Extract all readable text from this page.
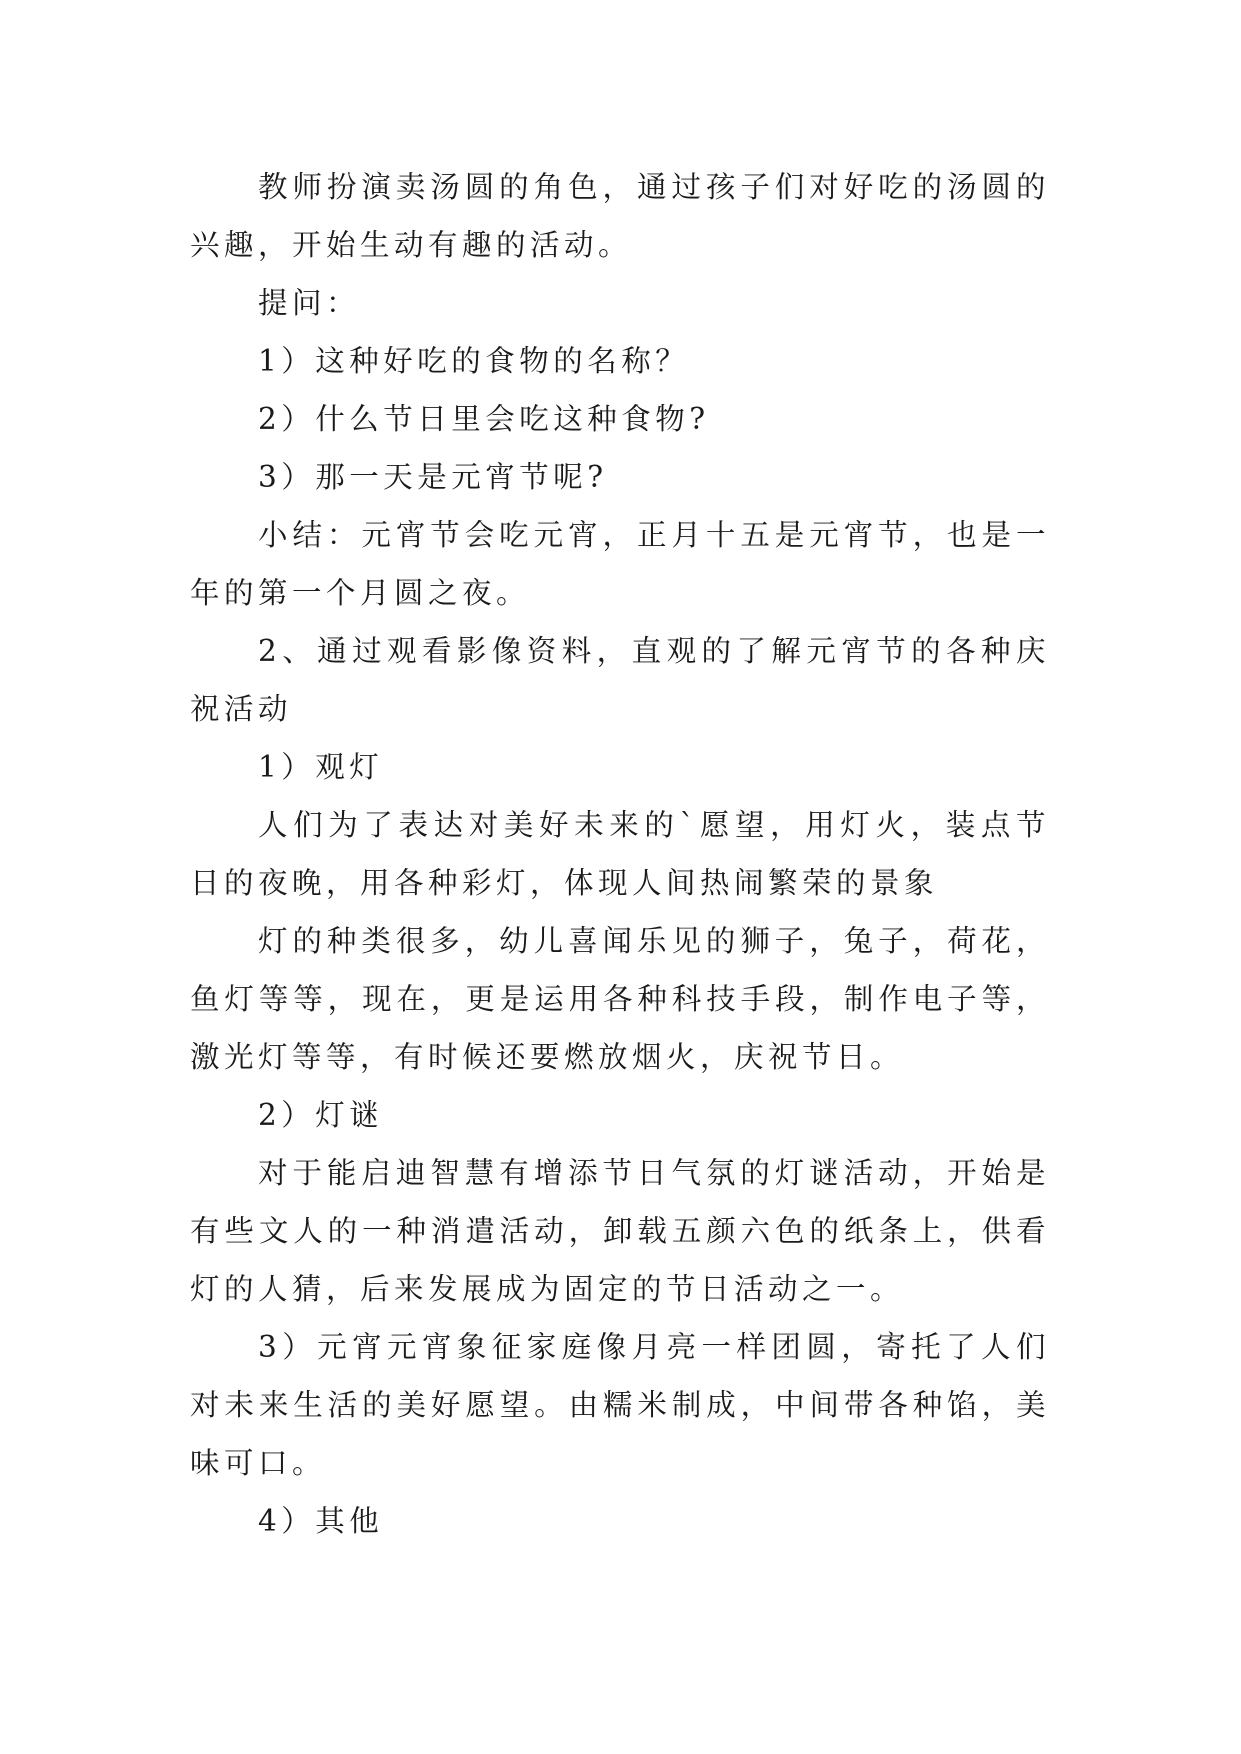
教师扮演卖汤圆的角色，通过孩子们对好吃的汤圆的兴趣，开始生动有趣的活动。

提问：

1）这种好吃的食物的名称？

2）什么节日里会吃这种食物?

3）那一天是元宵节呢?

小结：元宵节会吃元宵，正月十五是元宵节，也是一年的第一个月圆之夜。

2、通过观看影像资料，直观的了解元宵节的各种庆祝活动

1）观灯

人们为了表达对美好未来的`愿望，用灯火，装点节日的夜晚，用各种彩灯，体现人间热闹繁荣的景象

灯的种类很多，幼儿喜闻乐见的狮子，兔子，荷花，鱼灯等等，现在，更是运用各种科技手段，制作电子等，激光灯等等，有时候还要燃放烟火，庆祝节日。

2）灯谜

对于能启迪智慧有增添节日气氛的灯谜活动，开始是有些文人的一种消遣活动，卸载五颜六色的纸条上，供看灯的人猜，后来发展成为固定的节日活动之一。

3）元宵元宵象征家庭像月亮一样团圆，寄托了人们对未来生活的美好愿望。由糯米制成，中间带各种馅，美味可口。

4）其他
